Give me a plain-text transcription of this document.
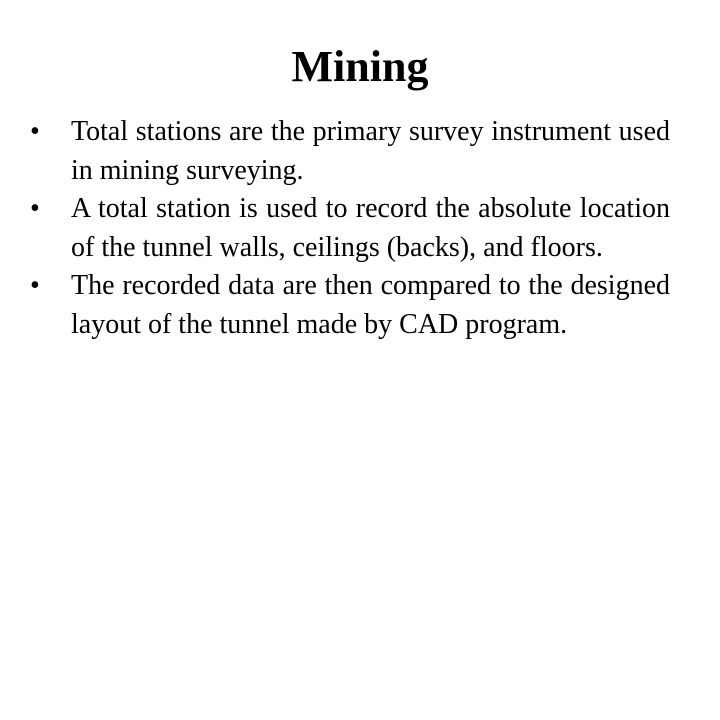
Mining
•	Total stations are the primary survey instrument used in mining surveying.
•	A total station is used to record the absolute location of the tunnel walls, ceilings (backs), and floors.
•	The recorded data are then compared to the designed layout of the tunnel made by CAD program.
